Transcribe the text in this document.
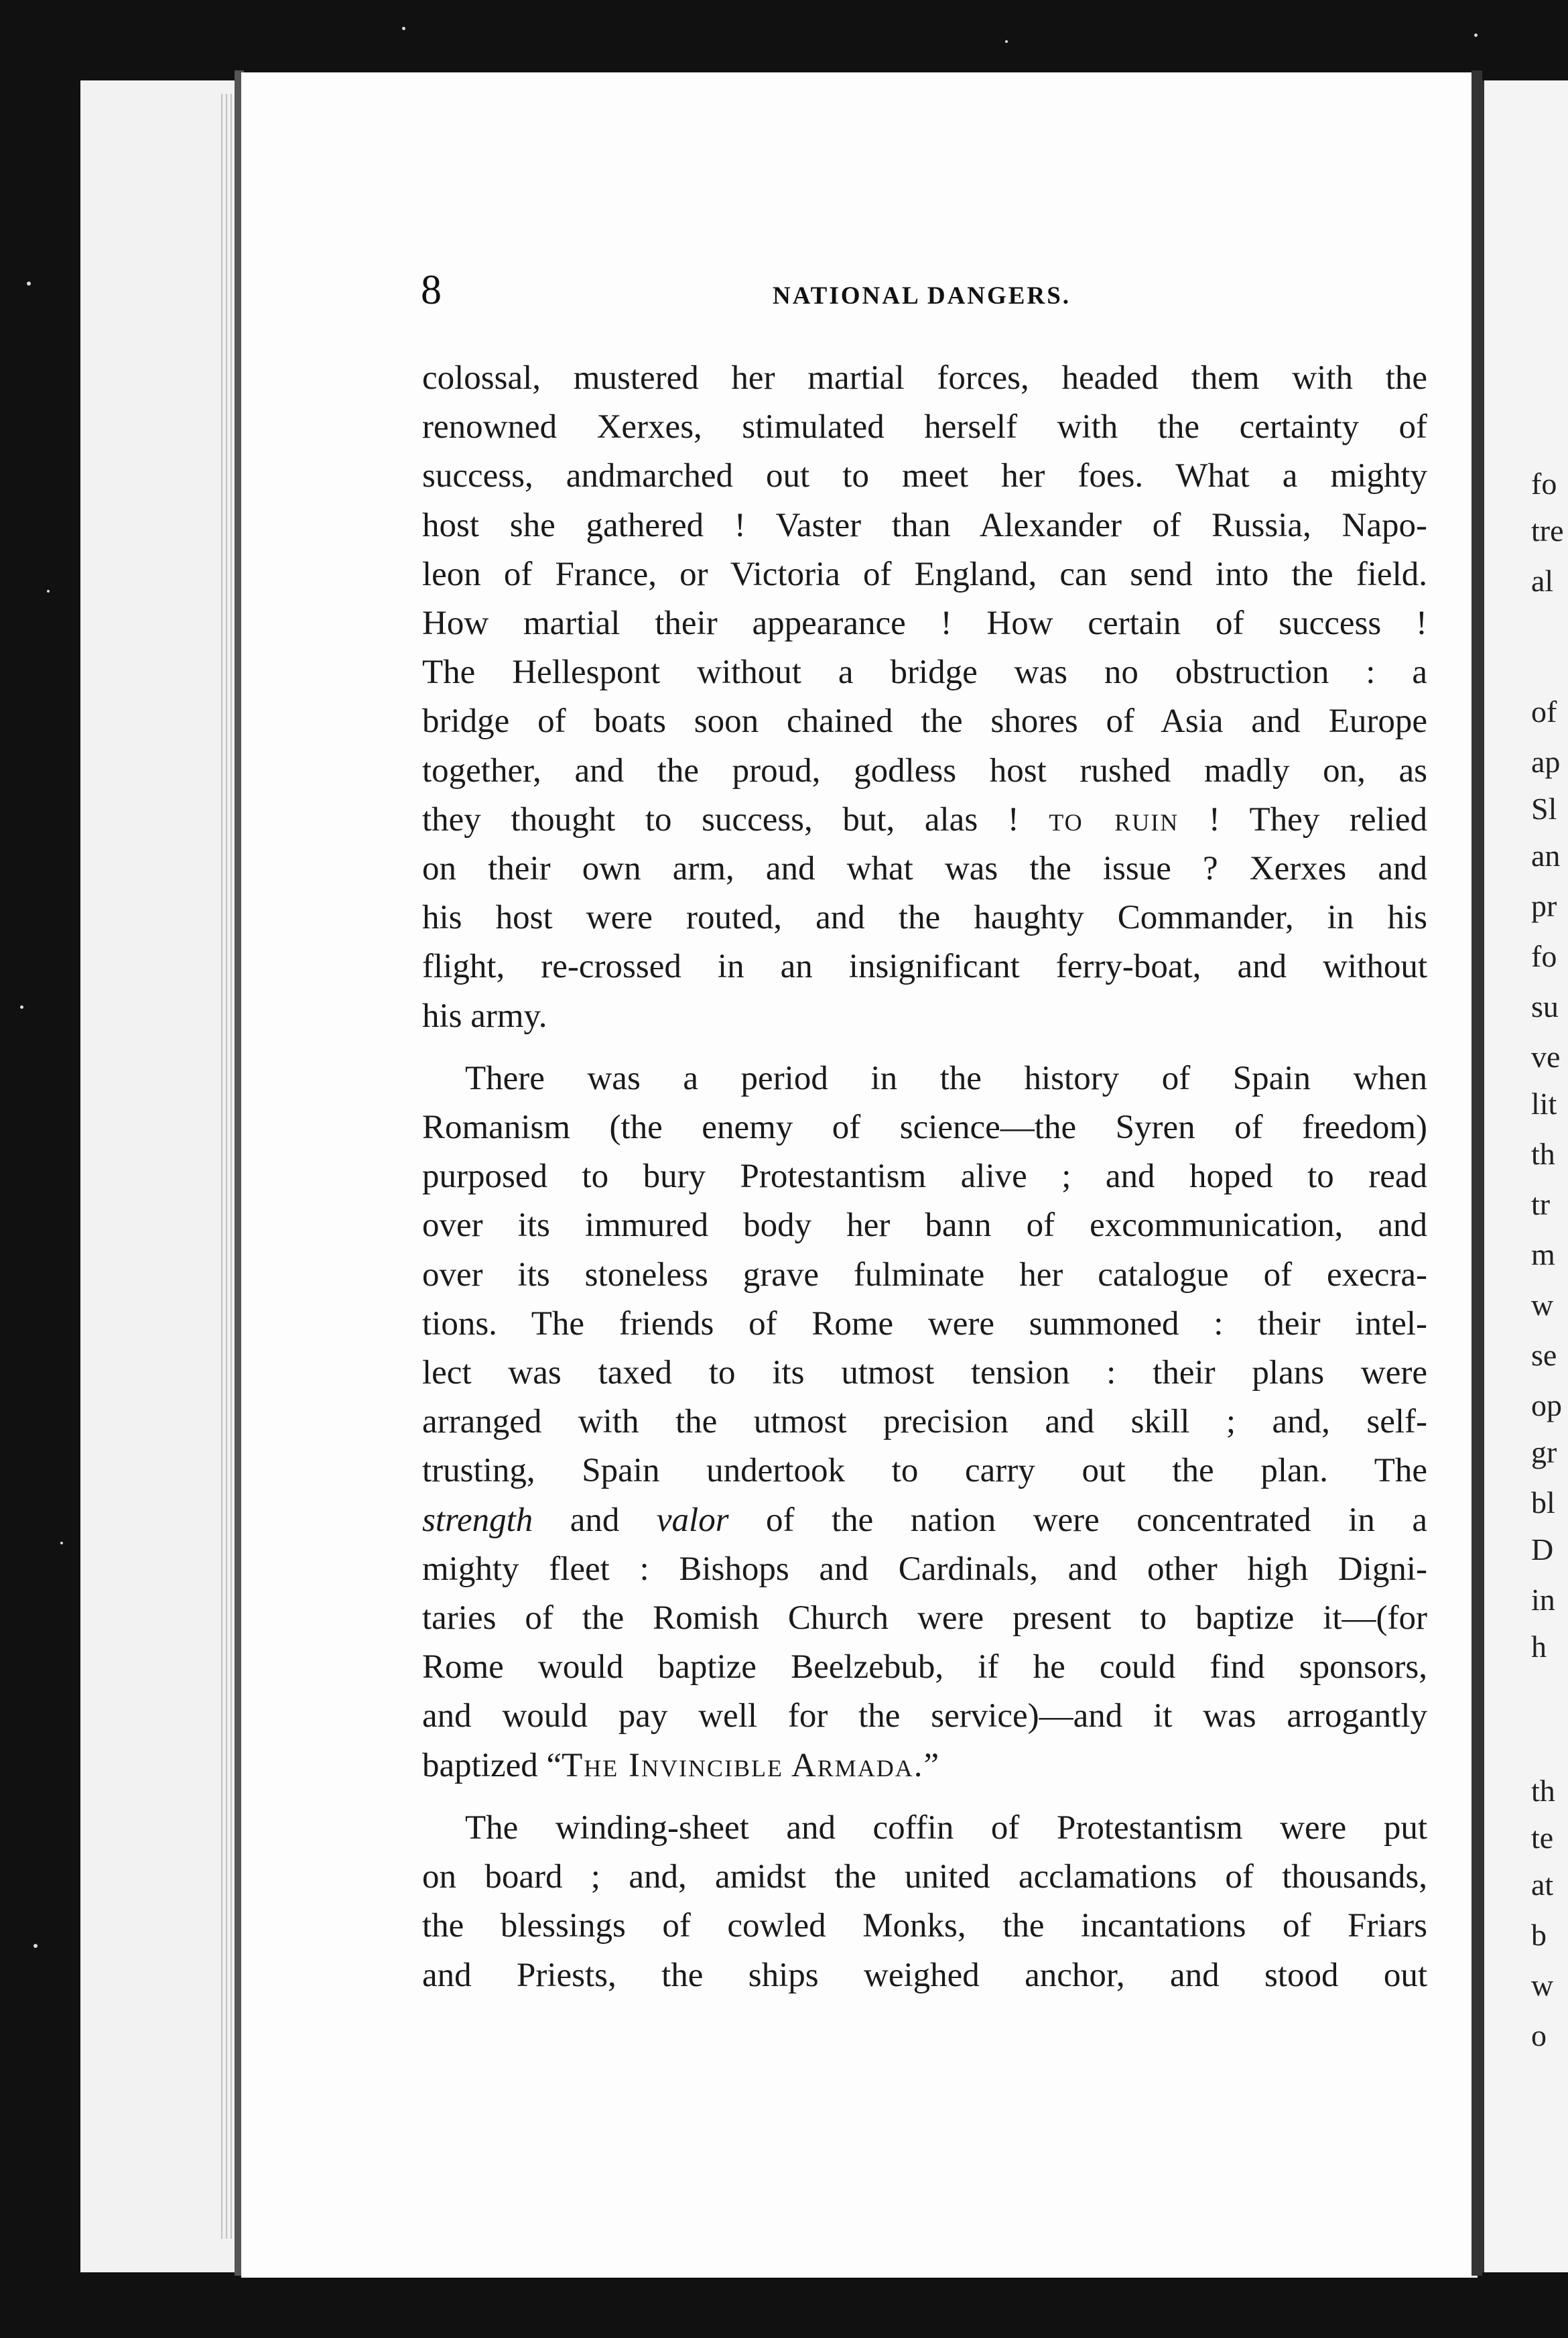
8	NATIONAL DANGERS.

colossal, mustered her martial forces, headed them with the
renowned Xerxes, stimulated herself with the certainty of
success, andmarched out to meet her foes. What a mighty
host she gathered ! Vaster than Alexander of Russia, Napo-
leon of France, or Victoria of England, can send into the field.
How martial their appearance ! How certain of success !
The Hellespont without a bridge was no obstruction : a
bridge of boats soon chained the shores of Asia and Europe
together, and the proud, godless host rushed madly on, as
they thought to success, but, alas ! to ruin ! They relied
on their own arm, and what was the issue ? Xerxes and
his host were routed, and the haughty Commander, in his
flight, re-crossed in an insignificant ferry-boat, and without
his army.

There was a period in the history of Spain when
Romanism (the enemy of science—the Syren of freedom)
purposed to bury Protestantism alive ; and hoped to read
over its immured body her bann of excommunication, and
over its stoneless grave fulminate her catalogue of execra-
tions. The friends of Rome were summoned : their intel-
lect was taxed to its utmost tension : their plans were
arranged with the utmost precision and skill ; and, self-
trusting, Spain undertook to carry out the plan. The
strength and valor of the nation were concentrated in a
mighty fleet : Bishops and Cardinals, and other high Digni-
taries of the Romish Church were present to baptize it—(for
Rome would baptize Beelzebub, if he could find sponsors,
and would pay well for the service)—and it was arrogantly
baptized “The Invincible Armada.”

The winding-sheet and coffin of Protestantism were put
on board ; and, amidst the united acclamations of thousands,
the blessings of cowled Monks, the incantations of Friars
and Priests, the ships weighed anchor, and stood out

fo
tre
al
of
ap
Sl
an
pr
fo
su
ve
lit
th
tr
m
w
se
op
gr
bl
D
in
h
th
te
at
b
w
o
